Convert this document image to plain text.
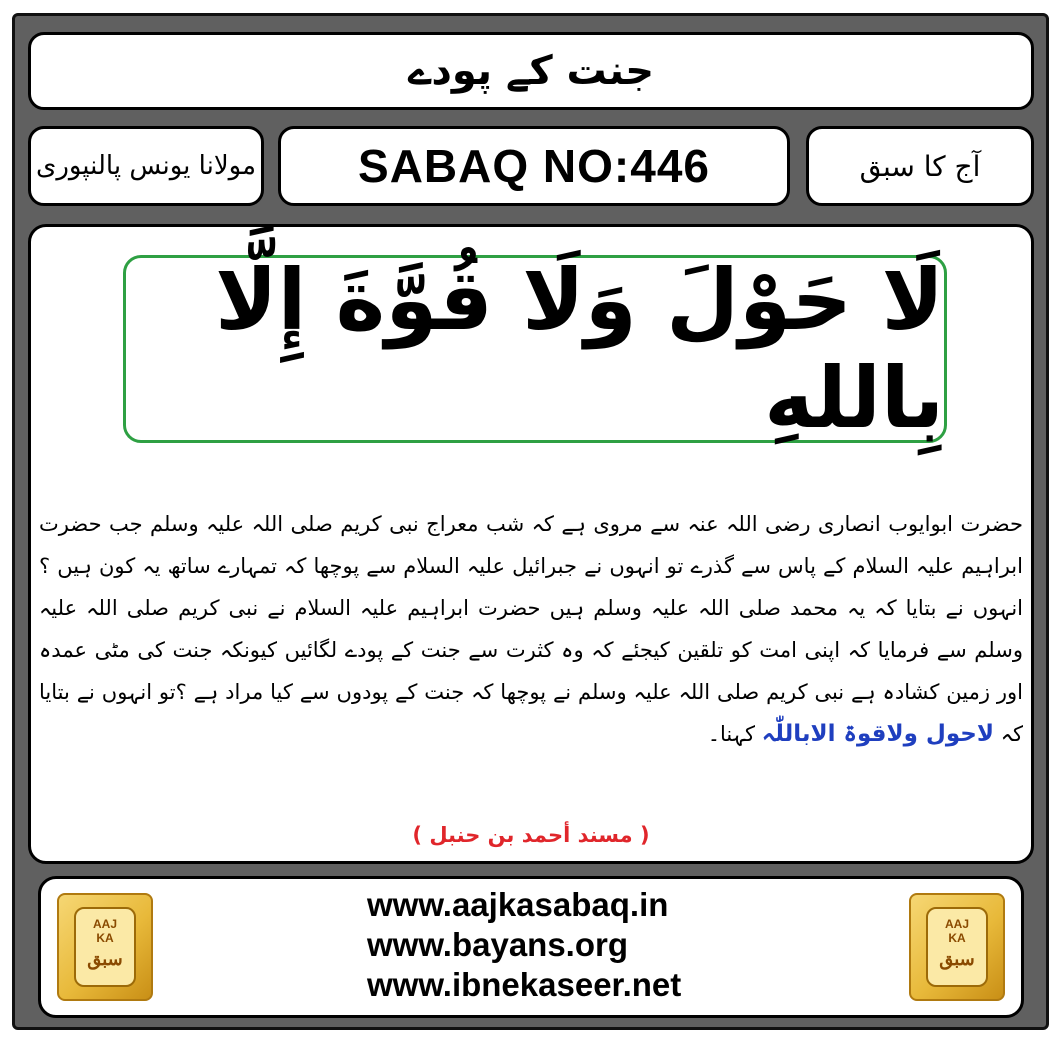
جنت کے پودے
مولانا یونس پالنپوری SABAQ NO:446	آج کا سبق
لَا حَوْلَ وَلَا قُوَّةَ إِلَّا بِاللهِ

حضرت ابوایوب انصاری رضی اللہ عنہ سے مروی ہے کہ شب معراج نبی کریم صلی اللہ علیہ وسلم جب حضرت ابراہیم علیہ السلام کے پاس سے گذرے تو انہوں نے جبرائیل علیہ السلام سے پوچھا کہ تمہارے ساتھ یہ کون ہیں ؟انہوں نے بتایا کہ یہ محمد صلی اللہ علیہ وسلم ہیں حضرت ابراہیم علیہ السلام نے نبی کریم صلی اللہ علیہ وسلم سے فرمایا کہ اپنی امت کو تلقین کیجئے کہ وہ کثرت سے جنت کے پودے لگائیں کیونکہ جنت کی مٹی عمدہ اور زمین کشادہ ہے نبی کریم صلی اللہ علیہ وسلم نے پوچھا کہ جنت کے پودوں سے کیا مراد ہے ؟تو انہوں نے بتایا کہ لاحول ولاقوۃ الاباللّٰہ کہنا۔

( مسند أحمد بن حنبل )

AAJ
KA
سبق
www.aajkasabaq.in
www.bayans.org
www.ibnekaseer.net
AAJ
KA
سبق
